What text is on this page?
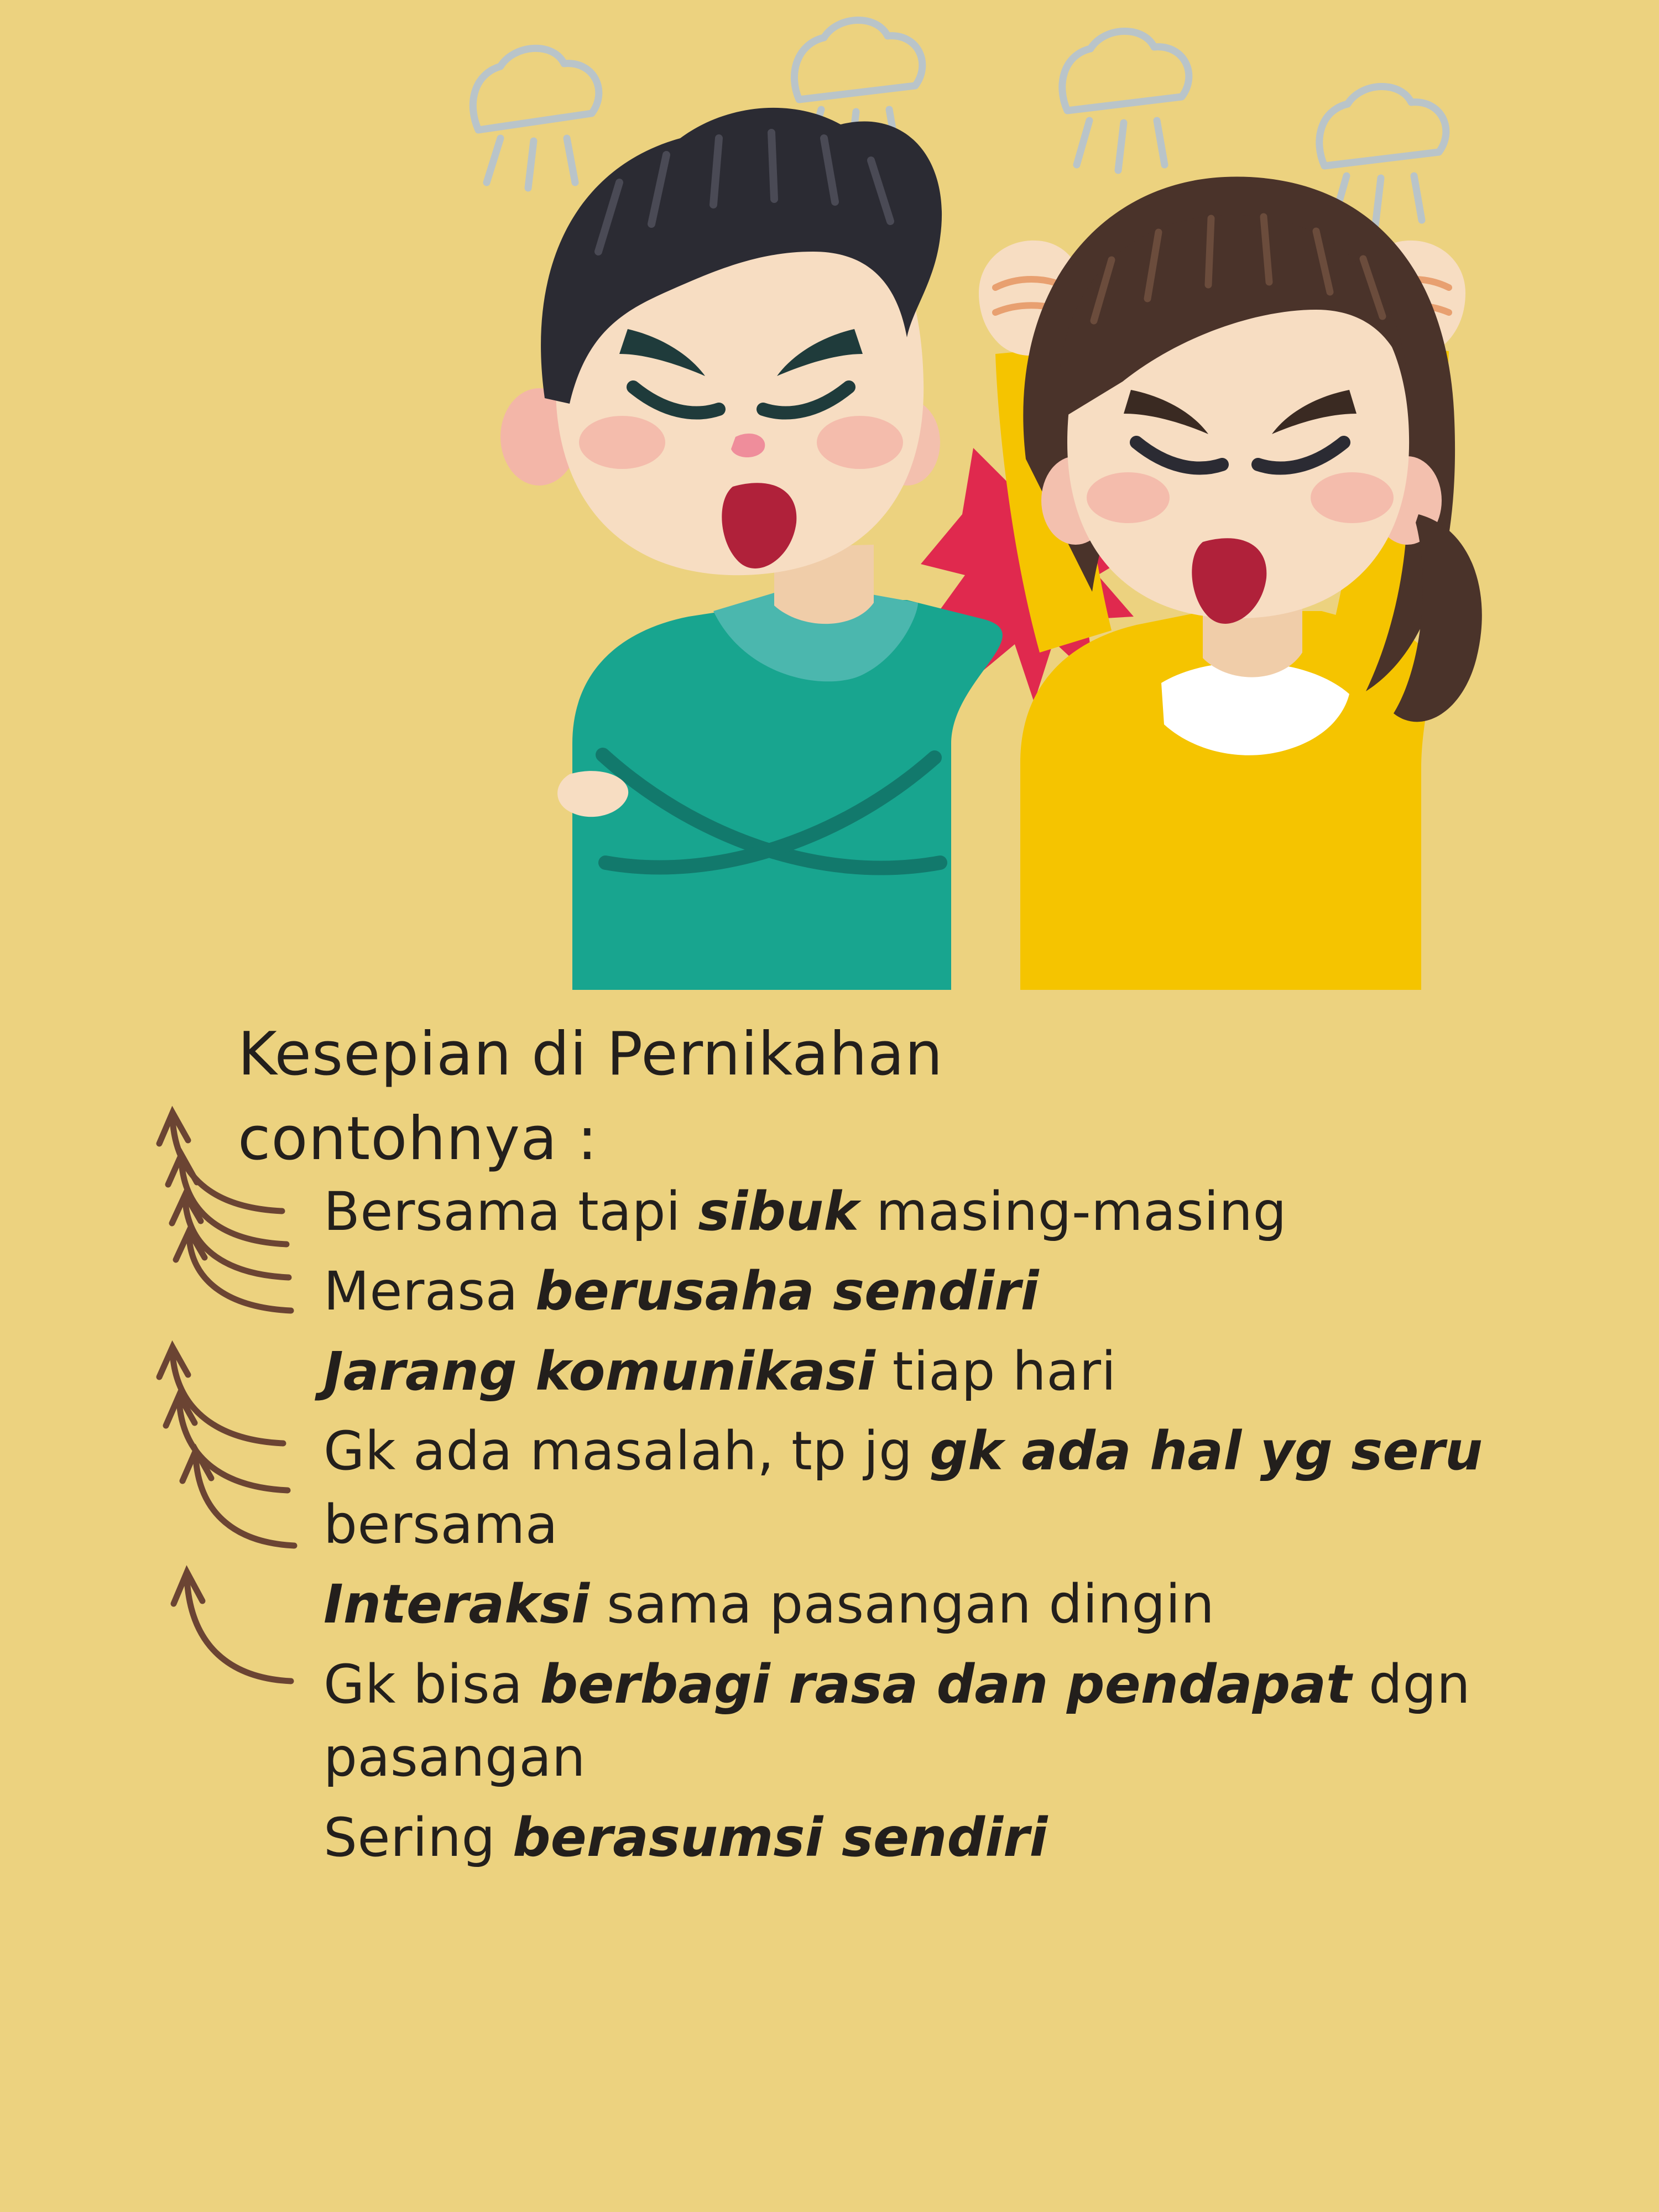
Kesepian di Pernikahan
contohnya :
Bersama tapi sibuk masing-masing
Merasa berusaha sendiri
Jarang komunikasi tiap hari
Gk ada masalah, tp jg gk ada hal yg seru bersama
Interaksi sama pasangan dingin
Gk bisa berbagi rasa dan pendapat dgn pasangan
Sering berasumsi sendiri
